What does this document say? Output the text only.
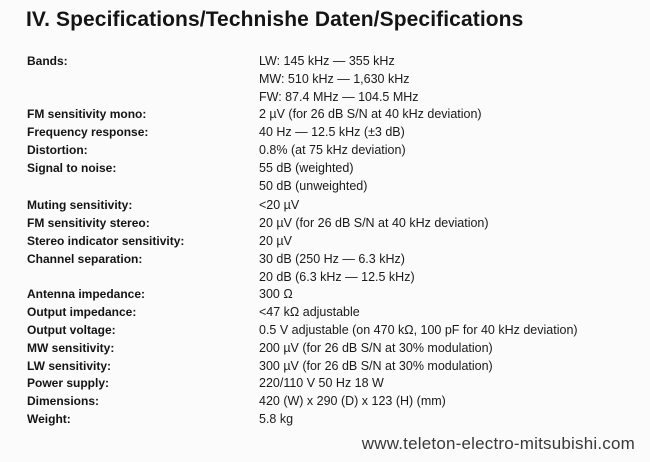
IV. Specifications/Technishe Daten/Specifications
Bands:	LW: 145 kHz — 355 kHz
MW: 510 kHz — 1,630 kHz
FW: 87.4 MHz — 104.5 MHz
FM sensitivity mono:	2 µV (for 26 dB S/N at 40 kHz deviation)
Frequency response:	40 Hz — 12.5 kHz (±3 dB)
Distortion:	0.8% (at 75 kHz deviation)
Signal to noise:	55 dB (weighted)
50 dB (unweighted)
Muting sensitivity:	<20 µV
FM sensitivity stereo:	20 µV (for 26 dB S/N at 40 kHz deviation)
Stereo indicator sensitivity:	20 µV
Channel separation:	30 dB (250 Hz — 6.3 kHz)
20 dB (6.3 kHz — 12.5 kHz)
Antenna impedance:	300 Ω
Output impedance:	<47 kΩ adjustable
Output voltage:	0.5 V adjustable (on 470 kΩ, 100 pF for 40 kHz deviation)
MW sensitivity:	200 µV (for 26 dB S/N at 30% modulation)
LW sensitivity:	300 µV (for 26 dB S/N at 30% modulation)
Power supply:	220/110 V 50 Hz 18 W
Dimensions:	420 (W) x 290 (D) x 123 (H) (mm)
Weight:	5.8 kg
www.teleton-electro-mitsubishi.com
